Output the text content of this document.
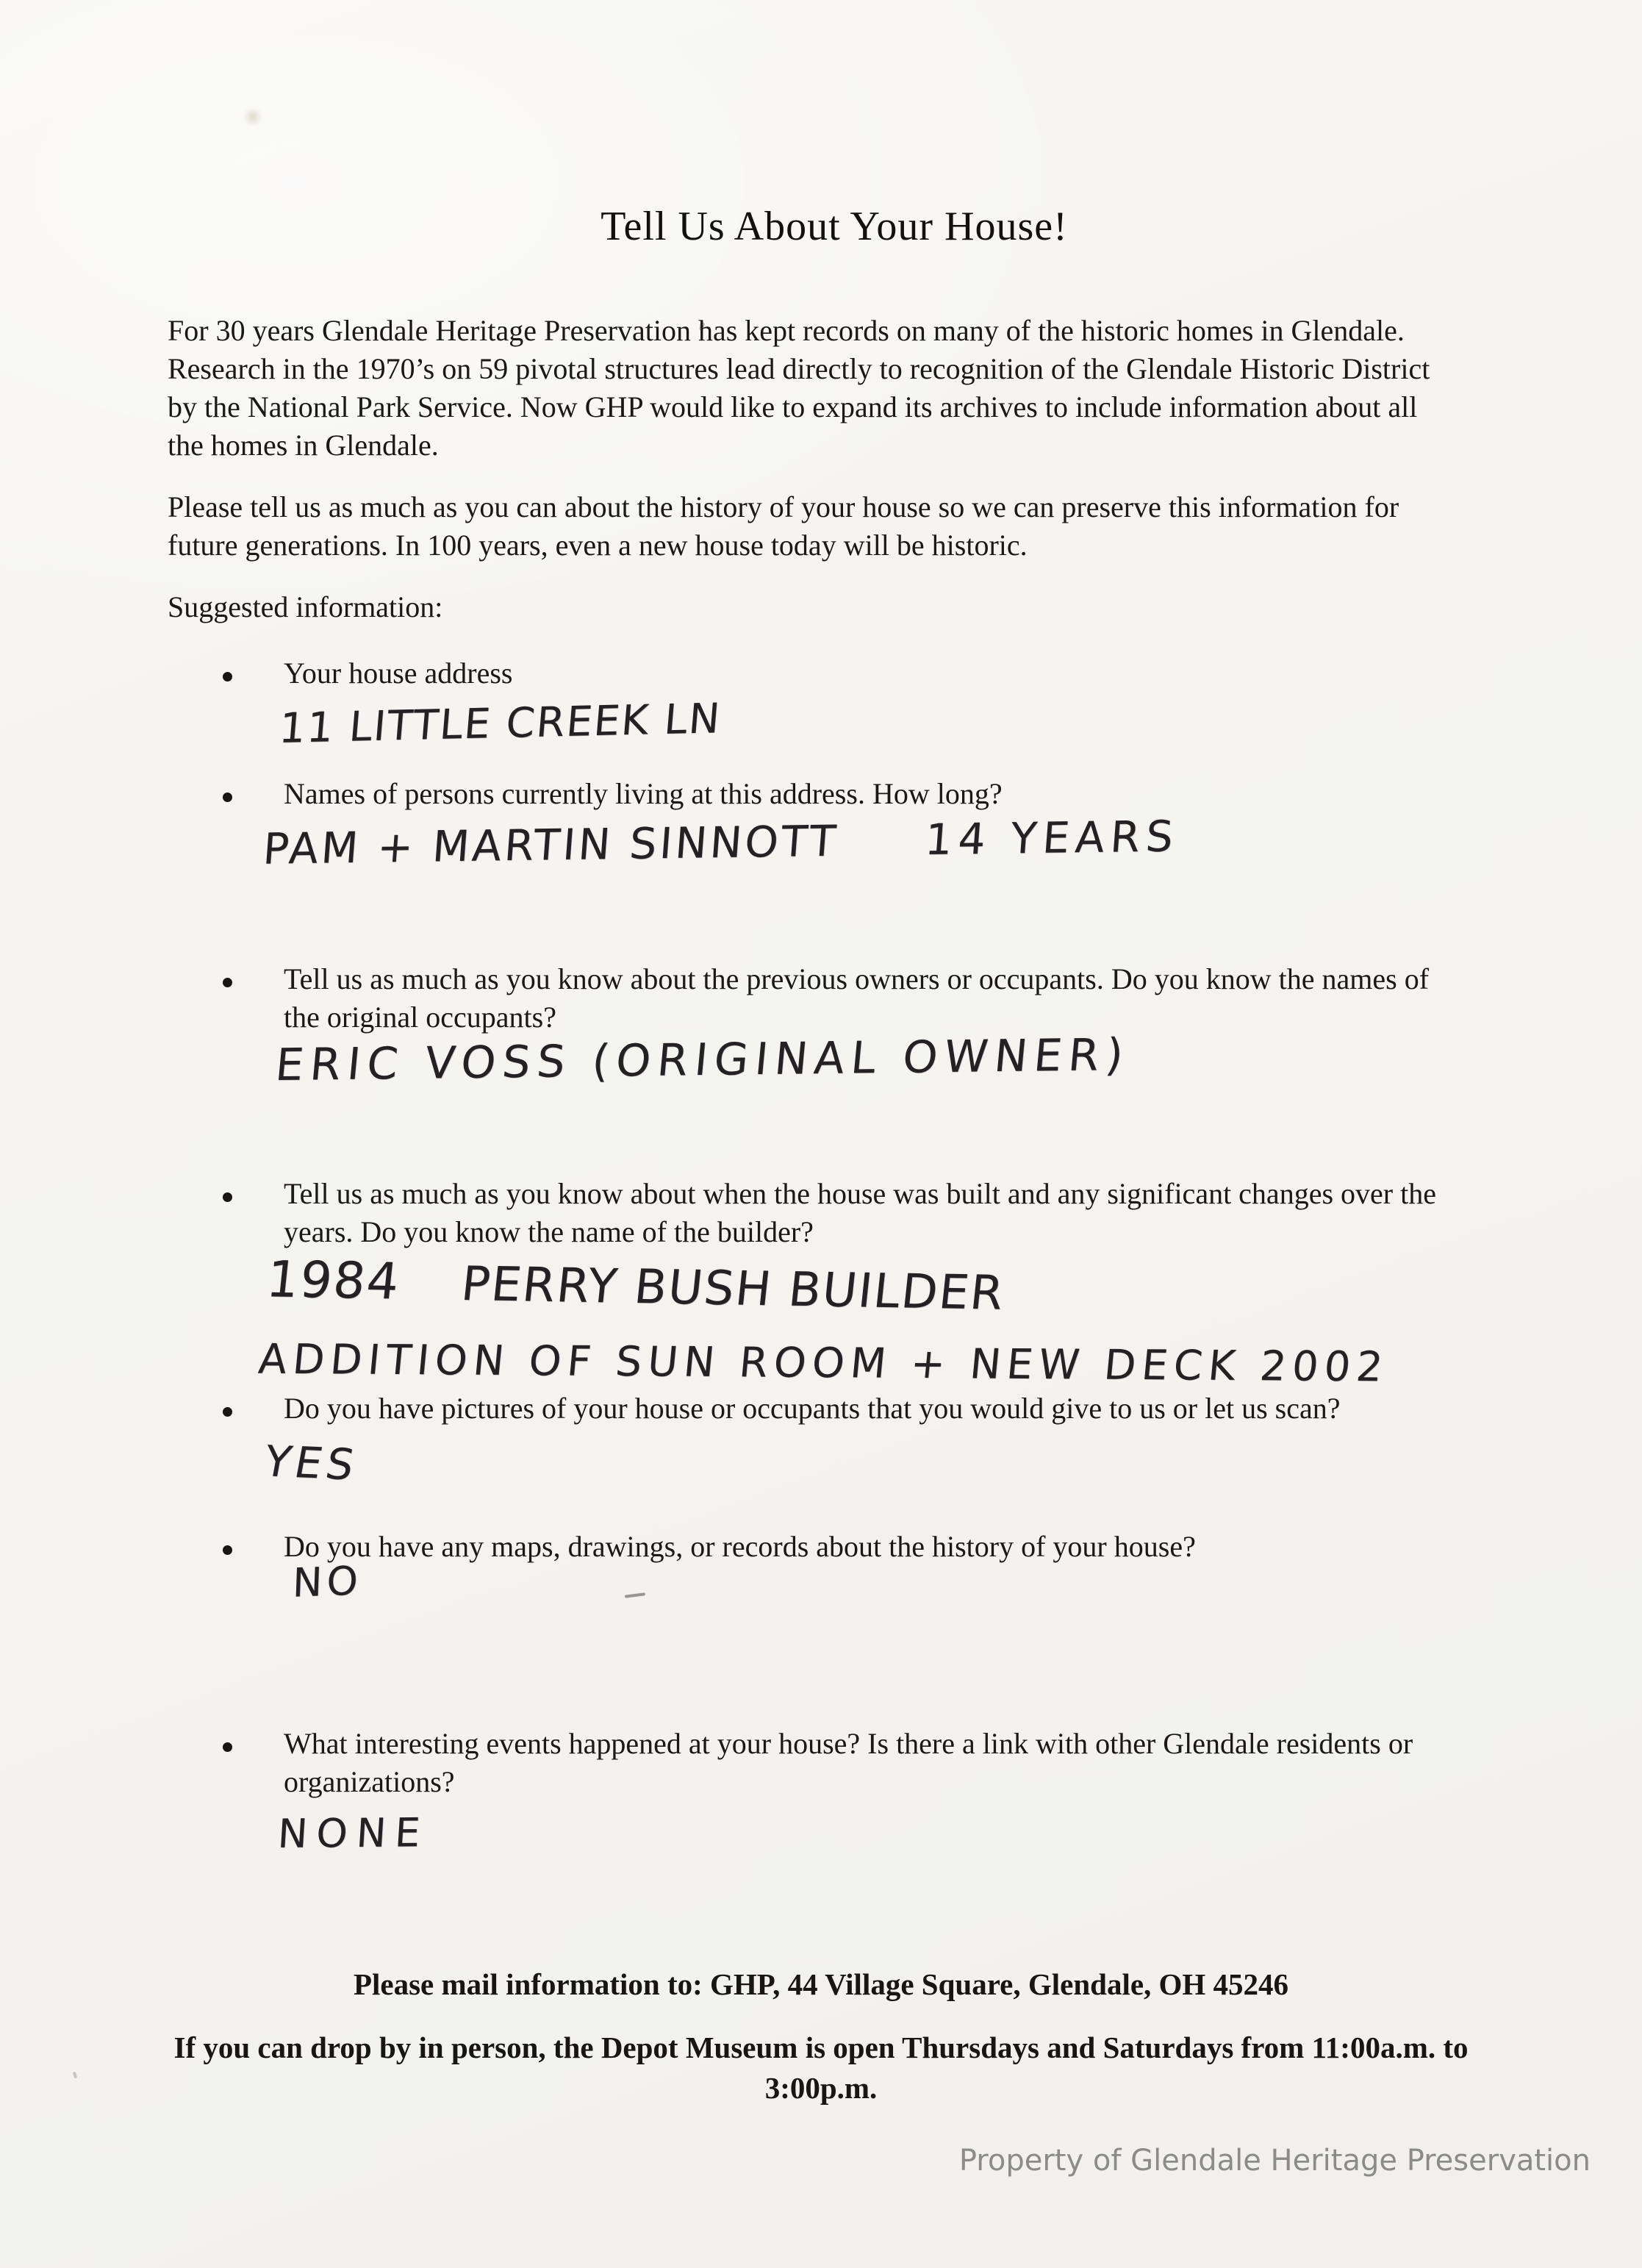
Tell Us About Your House!
For 30 years Glendale Heritage Preservation has kept records on many of the historic homes in Glendale.
Research in the 1970’s on 59 pivotal structures lead directly to recognition of the Glendale Historic District
by the National Park Service. Now GHP would like to expand its archives to include information about all
the homes in Glendale.
Please tell us as much as you can about the history of your house so we can preserve this information for
future generations. In 100 years, even a new house today will be historic.
Suggested information:
Your house address
11 LITTLE CREEK LN
Names of persons currently living at this address. How long?
PAM + MARTIN SINNOTT 14 YEARS
Tell us as much as you know about the previous owners or occupants. Do you know the names of
the original occupants?
ERIC VOSS (ORIGINAL OWNER)
Tell us as much as you know about when the house was built and any significant changes over the
years. Do you know the name of the builder?
1984 PERRY BUSH BUILDER
ADDITION OF SUN ROOM + NEW DECK 2002
Do you have pictures of your house or occupants that you would give to us or let us scan?
YES
Do you have any maps, drawings, or records about the history of your house?
NO
What interesting events happened at your house? Is there a link with other Glendale residents or
organizations?
NONE
Please mail information to: GHP, 44 Village Square, Glendale, OH 45246
If you can drop by in person, the Depot Museum is open Thursdays and Saturdays from 11:00a.m. to
3:00p.m.
Property of Glendale Heritage Preservation
